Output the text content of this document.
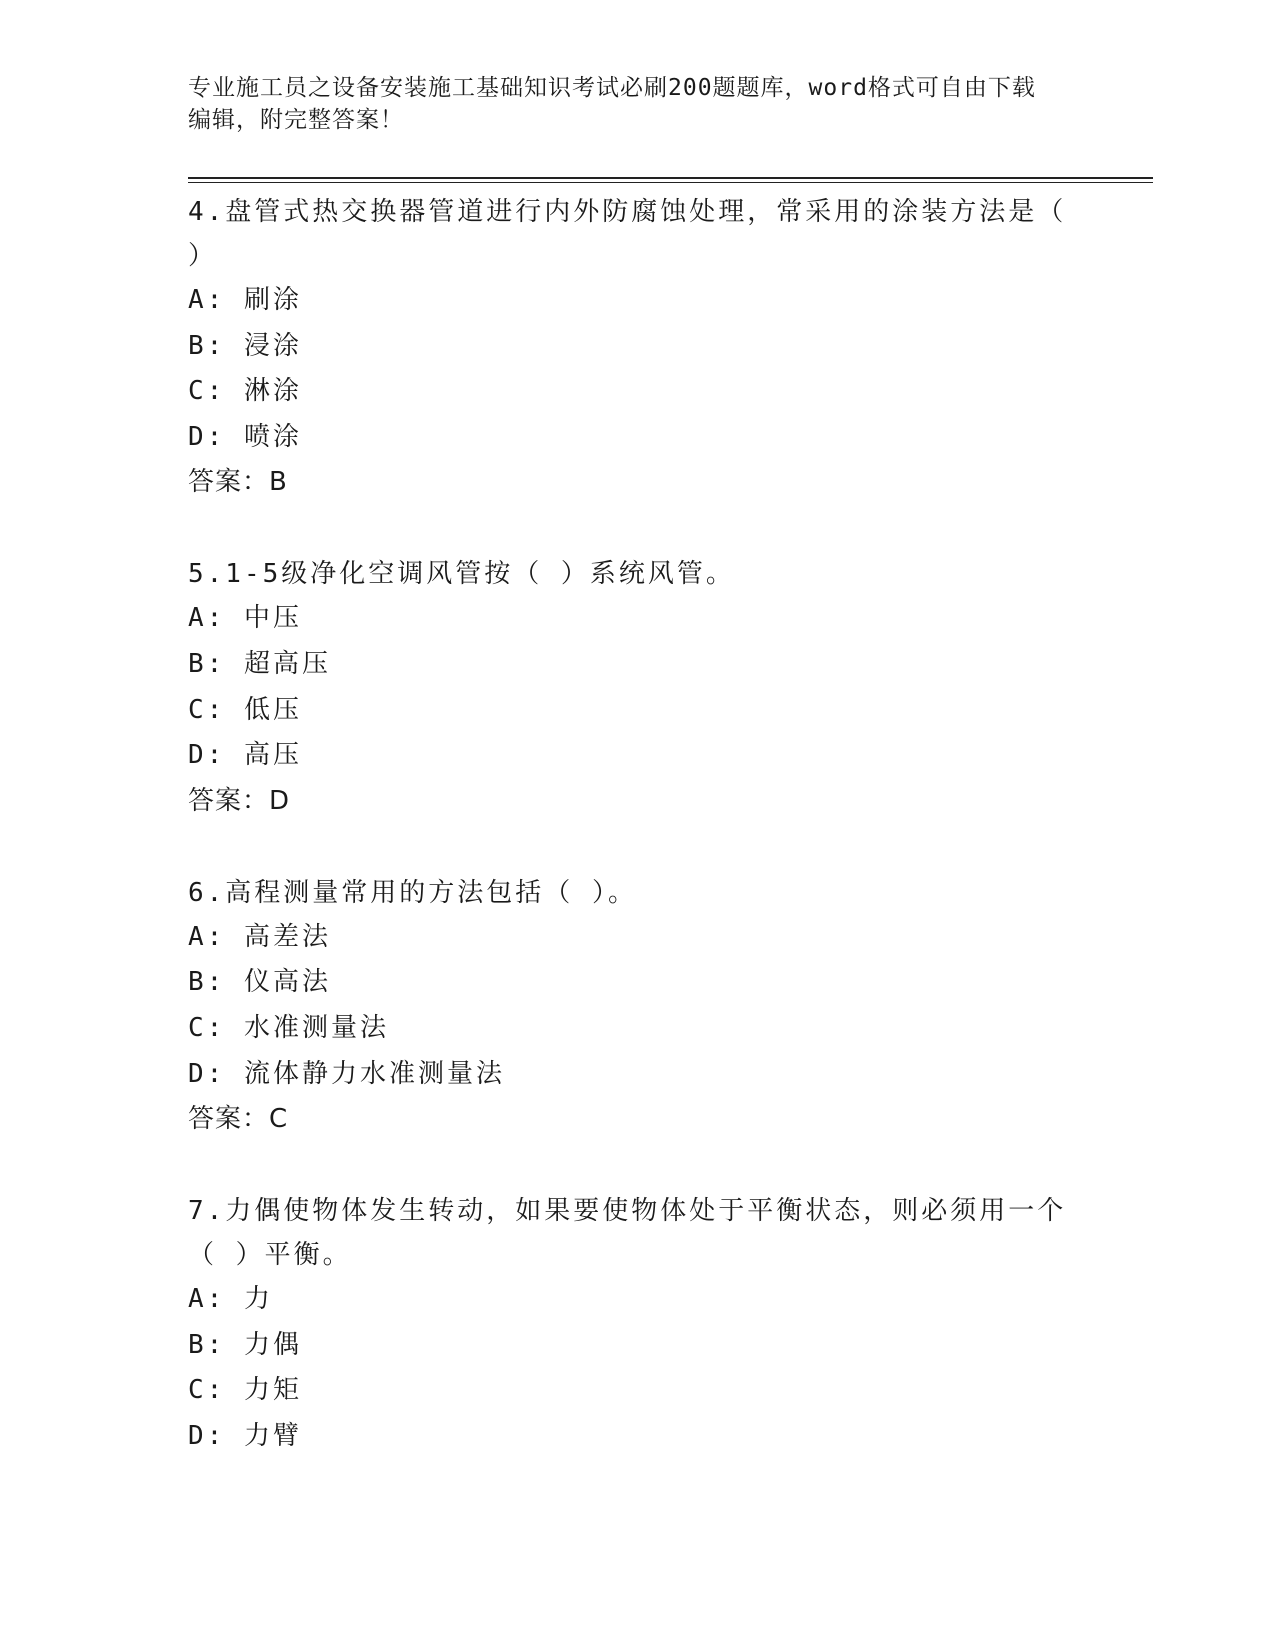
专业施工员之设备安装施工基础知识考试必刷200题题库，word格式可自由下载
编辑，附完整答案！
4.盘管式热交换器管道进行内外防腐蚀处理，常采用的涂装方法是（
）
A: 刷涂
B: 浸涂
C: 淋涂
D: 喷涂
答案：B
5.1-5级净化空调风管按（ ）系统风管。
A: 中压
B: 超高压
C: 低压
D: 高压
答案：D
6.高程测量常用的方法包括（ ）。
A: 高差法
B: 仪高法
C: 水准测量法
D: 流体静力水准测量法
答案：C
7.力偶使物体发生转动，如果要使物体处于平衡状态，则必须用一个
（ ）平衡。
A: 力
B: 力偶
C: 力矩
D: 力臂
